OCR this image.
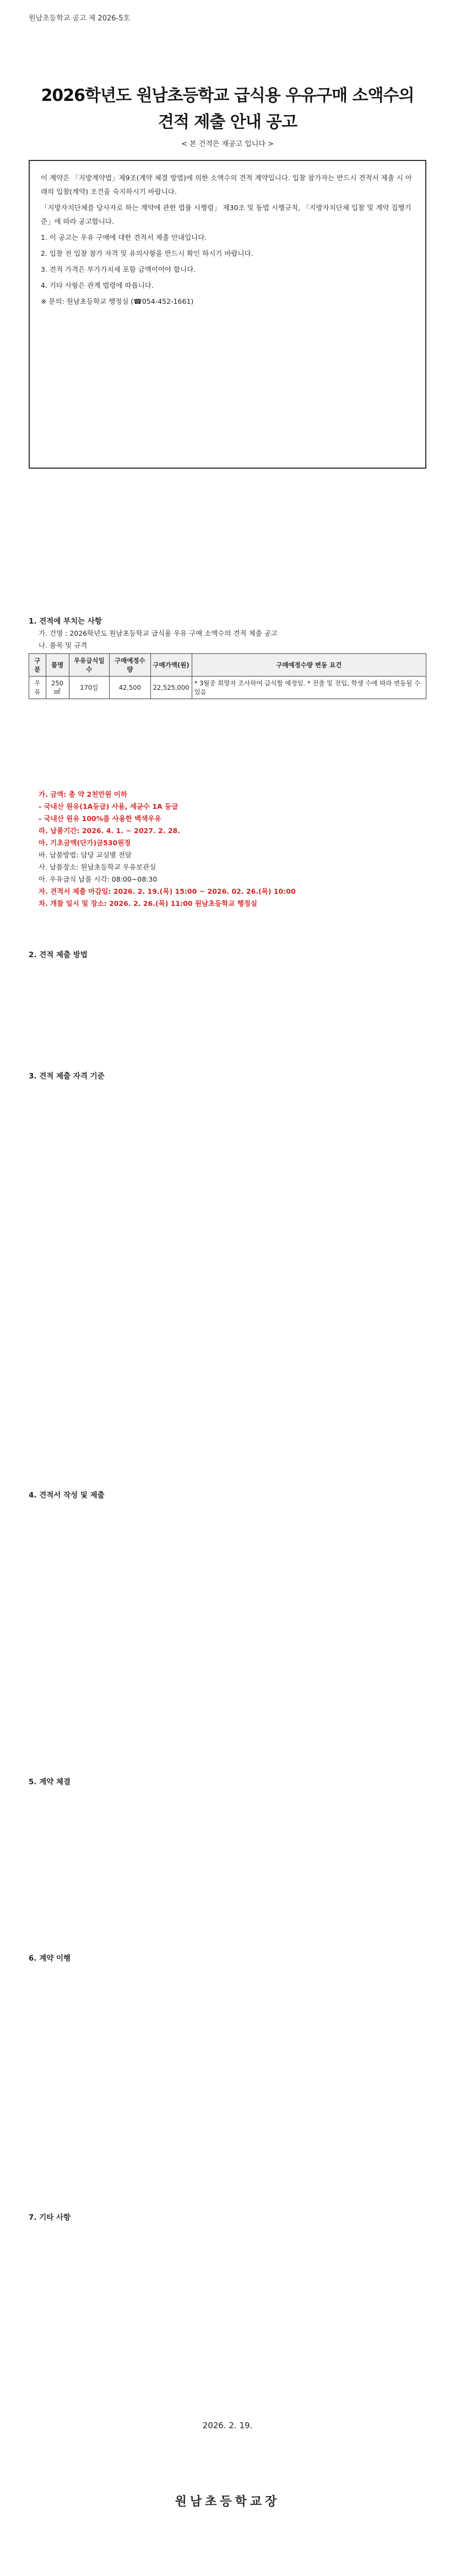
원남초등학교 공고 제 2026-5호
2026학년도 원남초등학교 급식용 우유구매 소액수의
견적 제출 안내 공고
< 본 건적은 재공고 입니다 >

이 계약은 「지방계약법」제9조(계약 체결 방법)에 의한 소액수의 견적 계약입니다. 입찰 참가자는 반드시 견적서 제출 시 아래의 입찰(계약) 조건을 숙지하시기 바랍니다.

「지방자치단체를 당사자로 하는 계약에 관한 법률 시행령」 제30조 및 동법 시행규칙, 「지방자치단체 입찰 및 계약 집행기준」에 따라 공고합니다.

1. 이 공고는 우유 구매에 대한 견적서 제출 안내입니다.

2. 입찰 전 입찰 참가 자격 및 유의사항을 반드시 확인 하시기 바랍니다.

3. 견적 가격은 부가가치세 포함 금액이어야 합니다.

4. 기타 사항은 관계 법령에 따릅니다.

※ 문의: 원남초등학교 행정실 (☎054-452-1661)

1. 견적에 부치는 사항
가. 건명 : 2026학년도 원남초등학교 급식용 우유 구매 소액수의 견적 제출 공고
나. 품목 및 규격
구분	품명	우유급식일수	구매예정수량	구매가액(원)	구매예정수량 변동 요건
우유	250㎖	170일	42,500	22,525,000	* 3월중 희망자 조사하여 급식할 예정임. * 전출 및 전입, 학생 수에 따라 변동될 수 있음
가. 금액: 총 약 2천만원 이하
- 국내산 원유(1A등급) 사용, 세균수 1A 등급
- 국내산 원유 100%를 사용한 백색우유
라. 납품기간: 2026. 4. 1. ~ 2027. 2. 28.
마. 기초금액(단가)금530원정
바. 납품방법: 담당 교실별 전달
사. 납품장소: 원남초등학교 우유보관실
아. 우유급식 납품 시각: 08:00~08:30
자. 견적서 제출 마감일: 2026. 2. 19.(목) 15:00 ~ 2026. 02. 26.(목) 10:00
차. 개찰 일시 및 장소: 2026. 2. 26.(목) 11:00 원남초등학교 행정실
2. 견적 제출 방법
3. 견적 제출 자격 기준
4. 견적서 작성 및 제출
5. 계약 체결
6. 계약 이행
7. 기타 사항
2026. 2. 19.
원남초등학교장
